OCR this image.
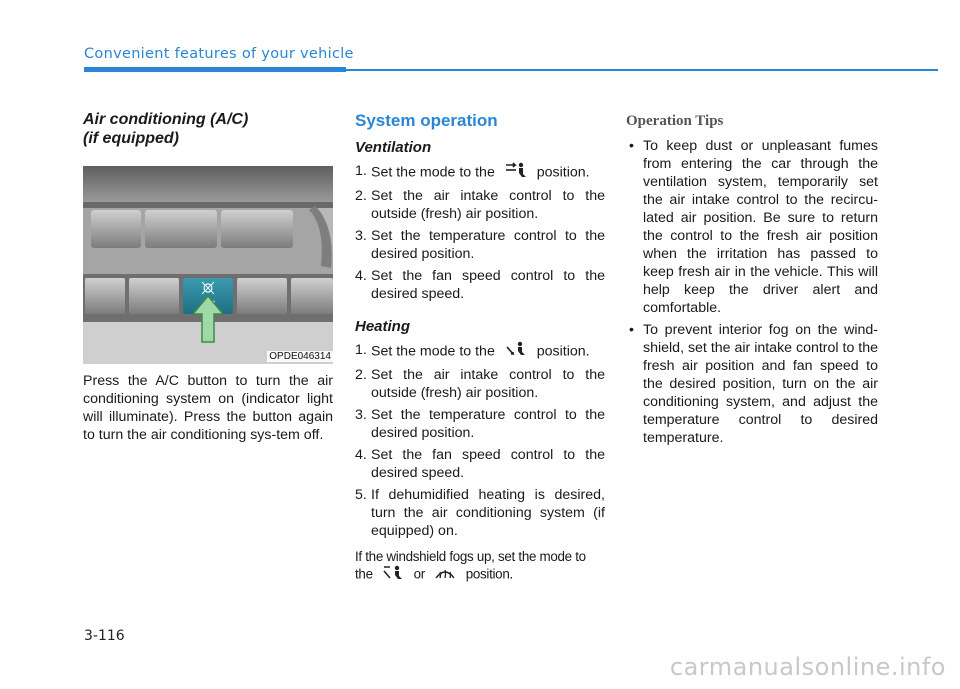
Convenient features of your vehicle
Air conditioning (A/C)
(if equipped)
OPDE046314

Press the A/C button to turn the air conditioning system on (indicator light will illuminate). Press the button again to turn the air conditioning sys-tem off.

System operation
Ventilation
1. Set the mode to the	position.
2. Set the air intake control to the outside (fresh) air position.
3. Set the temperature control to the desired position.
4. Set the fan speed control to the desired speed.
Heating
1. Set the mode to the	position.
2. Set the air intake control to the outside (fresh) air position.
3. Set the temperature control to the desired position.
4. Set the fan speed control to the desired speed.
5. If dehumidified heating is desired, turn the air conditioning system (if equipped) on.
If the windshield fogs up, set the mode to the	or	position.
Operation Tips
• To keep dust or unpleasant fumes from entering the car through the ventilation system, temporarily set the air intake control to the recircu-lated air position. Be sure to return the control to the fresh air position when the irritation has passed to keep fresh air in the vehicle. This will help keep the driver alert and comfortable.
• To prevent interior fog on the wind-shield, set the air intake control to the fresh air position and fan speed to the desired position, turn on the air conditioning system, and adjust the temperature control to desired temperature.
3-116
carmanualsonline.info
